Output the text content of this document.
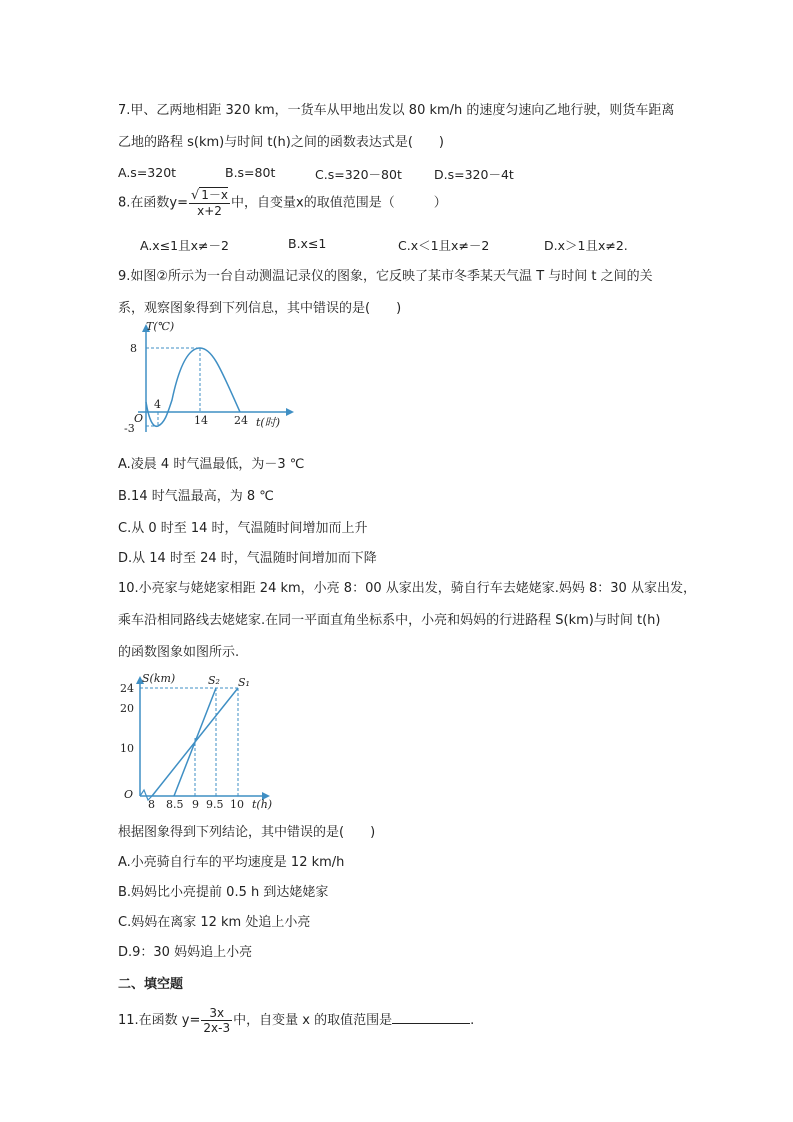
7.甲、乙两地相距 320 km，一货车从甲地出发以 80 km/h 的速度匀速向乙地行驶，则货车距离
乙地的路程 s(km)与时间 t(h)之间的函数表达式是(　　)
A.s=320t	B.s=80t	C.s=320－80t	D.s=320－4t
8.在函数$y= \frac{√ 1-x}{x+2}$ 中，自变量x的取值范围是（　　　）
A.x≤1且x≠－2	B.x≤1	C.x＜1且x≠－2	D.x＞1且x≠2.
9.如图②所示为一台自动测温记录仪的图象，它反映了某市冬季某天气温 T 与时间 t 之间的关
系，观察图象得到下列信息，其中错误的是(　　)
T(℃)
8
-3
O
4
14 24 t(时)
A.凌晨 4 时气温最低，为－3 ℃
B.14 时气温最高，为 8 ℃
C.从 0 时至 14 时，气温随时间增加而上升
D.从 14 时至 24 时，气温随时间增加而下降
10.小亮家与姥姥家相距 24 km，小亮 8：00 从家出发，骑自行车去姥姥家.妈妈 8：30 从家出发，
乘车沿相同路线去姥姥家.在同一平面直角坐标系中，小亮和妈妈的行进路程 S(km)与时间 t(h)
的函数图象如图所示.
S(km)
24
20
10
O
8 8.5 9 9.5 10 t(h)
S₂ S₁
根据图象得到下列结论，其中错误的是(　　)
A.小亮骑自行车的平均速度是 12 km/h
B.妈妈比小亮提前 0.5 h 到达姥姥家
C.妈妈在离家 12 km 处追上小亮
D.9：30 妈妈追上小亮
二、填空题
11.在函数 $y= \frac{3x}{2x-3}$ 中，自变量 x 的取值范围是	.
